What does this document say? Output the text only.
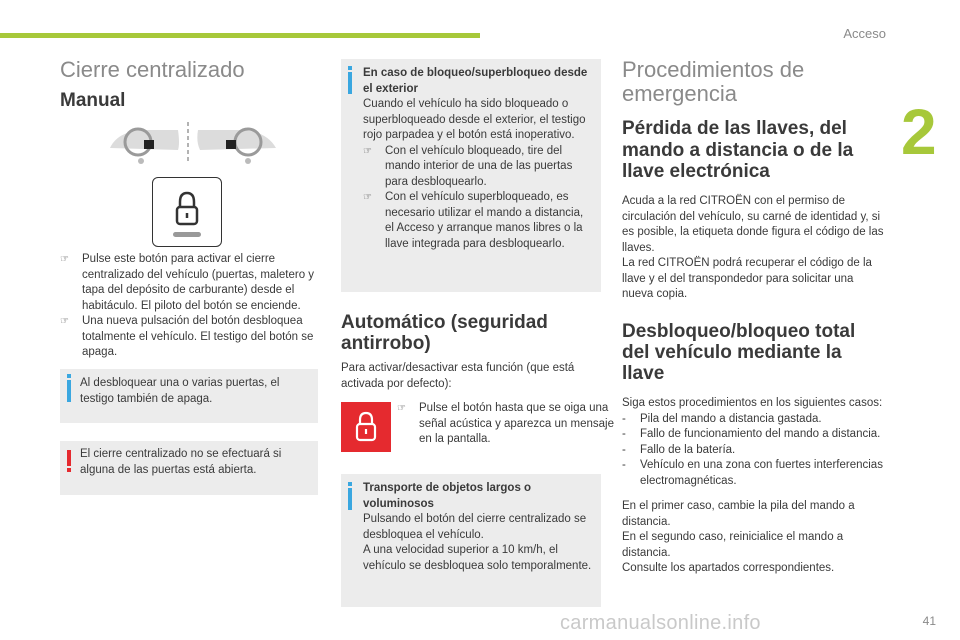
Acceso
2
Cierre centralizado
Manual

☞ Pulse este botón para activar el cierre centralizado del vehículo (puertas, maletero y tapa del depósito de carburante) desde el habitáculo. El piloto del botón se enciende.

☞ Una nueva pulsación del botón desbloquea totalmente el vehículo. El testigo del botón se apaga.

Al desbloquear una o varias puertas, el testigo también de apaga.

El cierre centralizado no se efectuará si alguna de las puertas está abierta.

En caso de bloqueo/superbloqueo desde el exterior

Cuando el vehículo ha sido bloqueado o superbloqueado desde el exterior, el testigo rojo parpadea y el botón está inoperativo.

☞ Con el vehículo bloqueado, tire del mando interior de una de las puertas para desbloquearlo.

☞ Con el vehículo superbloqueado, es necesario utilizar el mando a distancia, el Acceso y arranque manos libres o la llave integrada para desbloquearlo.

Automático (seguridad antirrobo)

Para activar/desactivar esta función (que está activada por defecto):

☞ Pulse el botón hasta que se oiga una señal acústica y aparezca un mensaje en la pantalla.

Transporte de objetos largos o voluminosos

Pulsando el botón del cierre centralizado se desbloquea el vehículo.
A una velocidad superior a 10 km/h, el vehículo se desbloquea solo temporalmente.

Procedimientos de emergencia
Pérdida de las llaves, del mando a distancia o de la llave electrónica

Acuda a la red CITROËN con el permiso de circulación del vehículo, su carné de identidad y, si es posible, la etiqueta donde figura el código de las llaves.
La red CITROËN podrá recuperar el código de la llave y el del transpondedor para solicitar una nueva copia.

Desbloqueo/bloqueo total del vehículo mediante la llave

Siga estos procedimientos en los siguientes casos:

- Pila del mando a distancia gastada.

- Fallo de funcionamiento del mando a distancia.

- Fallo de la batería.

- Vehículo en una zona con fuertes interferencias electromagnéticas.

En el primer caso, cambie la pila del mando a distancia.
En el segundo caso, reinicialice el mando a distancia.
Consulte los apartados correspondientes.

carmanualsonline.info	41
